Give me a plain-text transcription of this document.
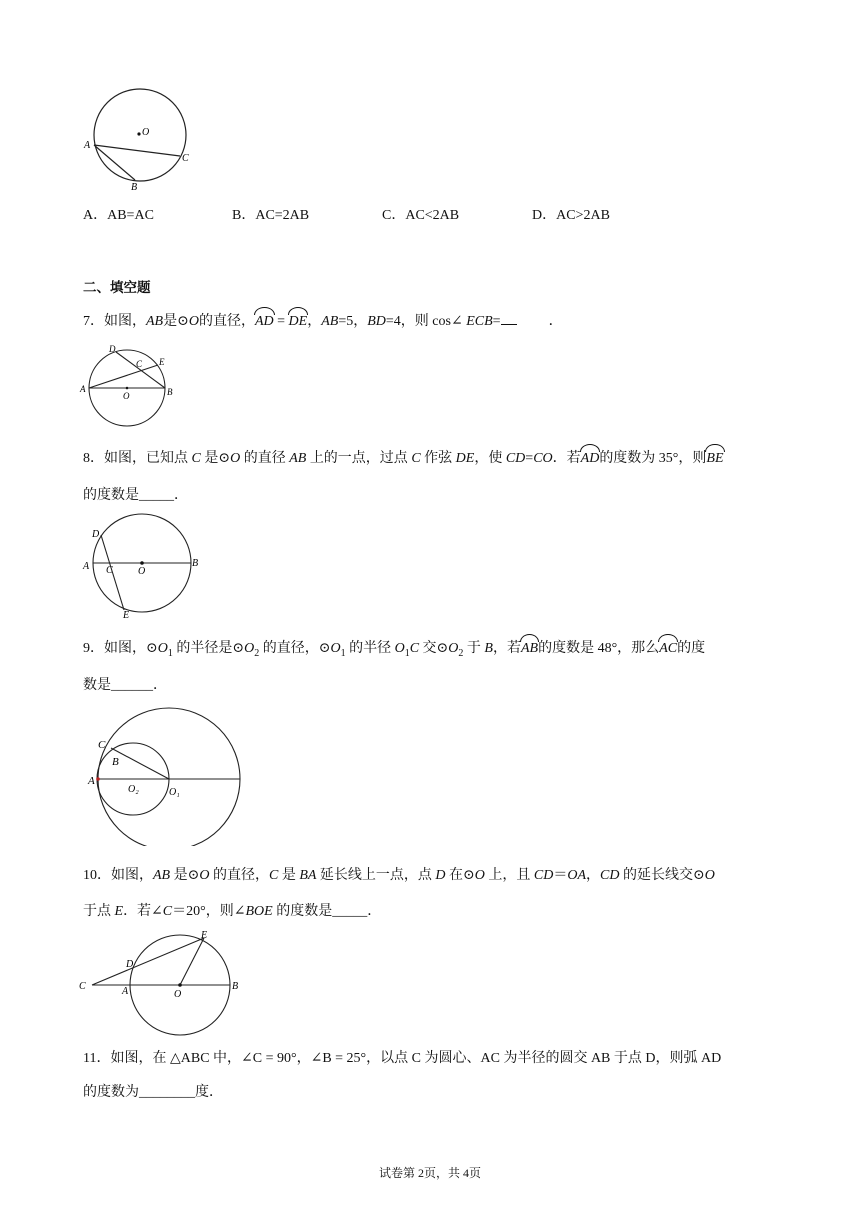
O
A
C
B
A．AB=AC	B．AC=2AB	C．AC<2AB	D．AC>2AB
二、填空题
7．如图，AB是⊙O的直径，AD = DE，AB=5，BD=4，则 cos∠ ECB=	．
D
C E
A
O	B
8．如图，已知点 C 是⊙O 的直径 AB 上的一点，过点 C 作弦 DE，使 CD=CO．若AD的度数为 35°，则BE
的度数是_____．
D
A C	O
B
E
9．如图，$⊙O_1$ 的半径是$⊙O_2$ 的直径，$⊙O_1$ 的半径 $O_1C$ 交$⊙O_2$ 于 B，若AB的度数是 48°，那么AC的度
数是______．
C
B
A
O₂	O₁
10．如图，AB 是⊙O 的直径，C 是 BA 延长线上一点，点 D 在⊙O 上，且 CD＝OA，CD 的延长线交⊙O
于点 E．若∠C＝20°，则∠BOE 的度数是_____．
E
D
C	A	O
B
11．如图，在 △ABC 中，∠C = 90°，∠B = 25°，以点 C 为圆心、AC 为半径的圆交 AB 于点 D，则弧 AD
的度数为________度．
试卷第 2页，共 4页
